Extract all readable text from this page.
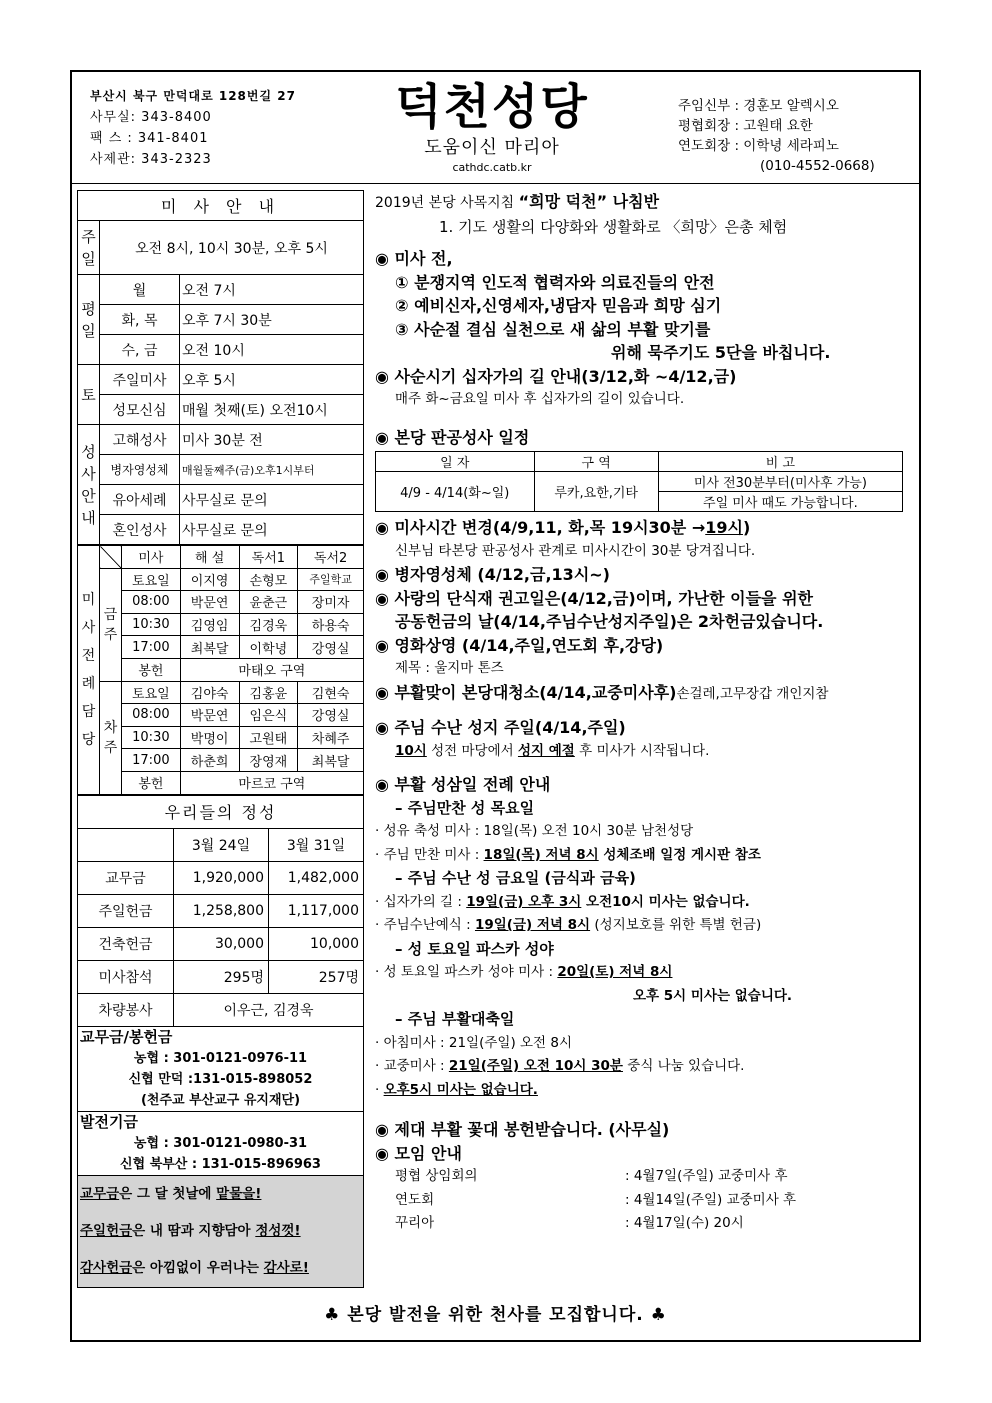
부산시 북구 만덕대로 128번길 27
사무실: 343-8400
팩 스 : 341-8401
사제관: 343-2323
덕천성당
도움이신 마리아
cathdc.catb.kr
주임신부 : 경훈모 알렉시오
평협회장 : 고원태 요한
연도회장 : 이학녕 세라피노
(010-4552-0668)
미 사 안 내		
주일	오전 8시, 10시 30분, 오후 5시	
평일	월	오전 7시
	화, 목	오후 7시 30분
	수, 금	오전 10시
토	주일미사	오후 5시
	성모신심	매월 첫째(토) 오전10시
성사안내	고해성사	미사 30분 전
	병자영성체	매월둘째주(금)오후1시부터
	유아세례	사무실로 문의
	혼인성사	사무실로 문의
미사전례담당		미사	해 설	독서1	독서2
	금주	토요일	이지영	손형모	주일학교
		08:00	박문연	윤춘근	장미자
		10:30	김영임	김경욱	하용숙
		17:00	최복달	이학녕	강영실
		봉헌	마태오 구역		
	차주	토요일	김야숙	김홍윤	김현숙
		08:00	박문연	임은식	강영실
		10:30	박명이	고원태	차혜주
		17:00	하춘희	장영재	최복달
		봉헌	마르코 구역		
우리들의 정성		
	3월 24일	3월 31일
교무금	1,920,000	1,482,000
주일헌금	1,258,800	1,117,000
건축헌금	30,000	10,000
미사참석	295명	257명
차량봉사	이우근, 김경욱	
교무금/봉헌금
농협 : 301-0121-0976-11
신협 만덕 :131-015-898052
(천주교 부산교구 유지재단)
발전기금
농협 : 301-0121-0980-31
신협 북부산 : 131-015-896963
교무금은 그 달 첫날에 맡물을!
주일헌금은 내 땀과 지향담아 정성껏!
감사헌금은 아낌없이 우러나는 감사로!
2019년 본당 사목지침 “희망 덕천” 나침반
1. 기도 생활의 다양화와 생활화로 〈희망〉은총 체험
◉ 미사 전,
① 분쟁지역 인도적 협력자와 의료진들의 안전
② 예비신자,신영세자,냉담자 믿음과 희망 심기
③ 사순절 결심 실천으로 새 삶의 부활 맞기를
위해 묵주기도 5단을 바칩니다.
◉ 사순시기 십자가의 길 안내(3/12,화 ~4/12,금)
매주 화~금요일 미사 후 십자가의 길이 있습니다.
◉ 본당 판공성사 일정
일 자	구 역	비 고
4/9 - 4/14(화~일)	루카,요한,기타	미사 전30분부터(미사후 가능)
		주일 미사 때도 가능합니다.
◉ 미사시간 변경(4/9,11, 화,목 19시30분 →19시)
신부님 타본당 판공성사 관계로 미사시간이 30분 당겨집니다.
◉ 병자영성체 (4/12,금,13시~)
◉ 사랑의 단식재 권고일은(4/12,금)이며, 가난한 이들을 위한
공동헌금의 날(4/14,주님수난성지주일)은 2차헌금있습니다.
◉ 영화상영 (4/14,주일,연도회 후,강당)
제목 : 울지마 톤즈
◉ 부활맞이 본당대청소(4/14,교중미사후)손걸레,고무장갑 개인지참
◉ 주님 수난 성지 주일(4/14,주일)
10시 성전 마당에서 성지 예절 후 미사가 시작됩니다.
◉ 부활 성삼일 전례 안내
– 주님만찬 성 목요일
· 성유 축성 미사 : 18일(목) 오전 10시 30분 남천성당
· 주님 만찬 미사 : 18일(목) 저녁 8시 성체조배 일정 게시판 참조
– 주님 수난 성 금요일 (금식과 금육)
· 십자가의 길 : 19일(금) 오후 3시 오전10시 미사는 없습니다.
· 주님수난예식 : 19일(금) 저녁 8시 (성지보호를 위한 특별 헌금)
– 성 토요일 파스카 성야
· 성 토요일 파스카 성야 미사 : 20일(토) 저녁 8시
오후 5시 미사는 없습니다.
– 주님 부활대축일
· 아침미사 : 21일(주일) 오전 8시
· 교중미사 : 21일(주일) 오전 10시 30분 중식 나눔 있습니다.
· 오후5시 미사는 없습니다.
◉ 제대 부활 꽃대 봉헌받습니다. (사무실)
◉ 모임 안내
평협 상임회의	: 4월7일(주일) 교중미사 후
연도회	: 4월14일(주일) 교중미사 후
꾸리아	: 4월17일(수) 20시
♣ 본당 발전을 위한 천사를 모집합니다. ♣
